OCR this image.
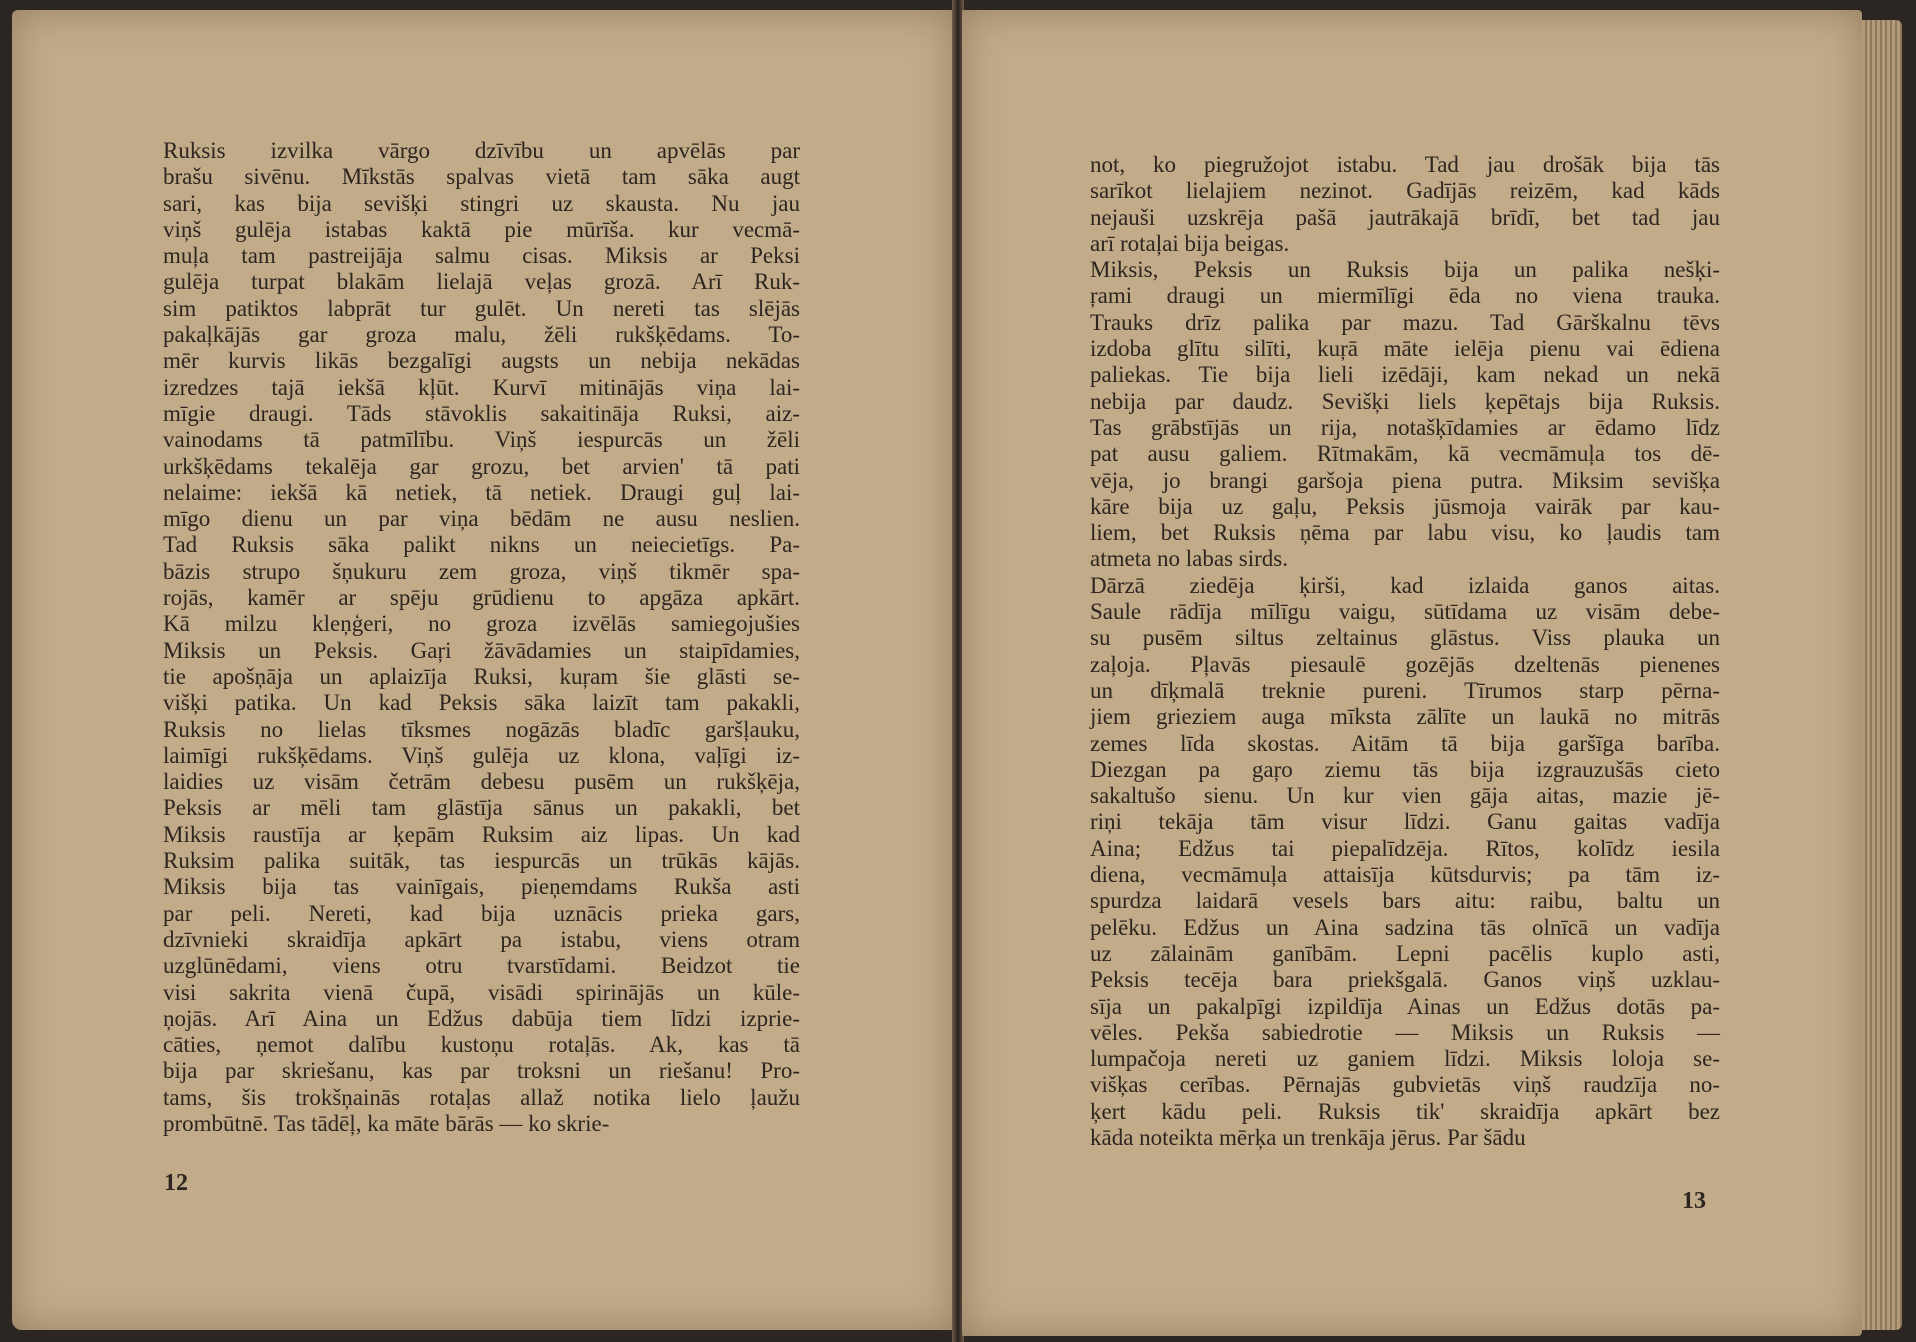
Ruksis izvilka vārgo dzīvību un apvēlās par
brašu sivēnu. Mīkstās spalvas vietā tam sāka augt
sari, kas bija sevišķi stingri uz skausta. Nu jau
viņš gulēja istabas kaktā pie mūrīša. kur vecmā-
muļa tam pastreijāja salmu cisas. Miksis ar Peksi
gulēja turpat blakām lielajā veļas grozā. Arī Ruk-
sim patiktos labprāt tur gulēt. Un nereti tas slējās
pakaļkājās gar groza malu, žēli rukšķēdams. To-
mēr kurvis likās bezgalīgi augsts un nebija nekādas
izredzes tajā iekšā kļūt. Kurvī mitinājās viņa lai-
mīgie draugi. Tāds stāvoklis sakaitināja Ruksi, aiz-
vainodams tā patmīlību. Viņš iespurcās un žēli
urkšķēdams tekalēja gar grozu, bet arvien' tā pati
nelaime: iekšā kā netiek, tā netiek. Draugi guļ lai-
mīgo dienu un par viņa bēdām ne ausu neslien.
Tad Ruksis sāka palikt nikns un neiecietīgs. Pa-
bāzis strupo šņukuru zem groza, viņš tikmēr spa-
rojās, kamēr ar spēju grūdienu to apgāza apkārt.
Kā milzu kleņģeri, no groza izvēlās samiegojušies
Miksis un Peksis. Gaŗi žāvādamies un staipīdamies,
tie apošņāja un aplaizīja Ruksi, kuŗam šie glāsti se-
višķi patika. Un kad Peksis sāka laizīt tam pakakli,
Ruksis no lielas tīksmes nogāzās bladīc garšļauku,
laimīgi rukšķēdams. Viņš gulēja uz klona, vaļīgi iz-
laidies uz visām četrām debesu pusēm un rukšķēja,
Peksis ar mēli tam glāstīja sānus un pakakli, bet
Miksis raustīja ar ķepām Ruksim aiz lipas. Un kad
Ruksim palika suitāk, tas iespurcās un trūkās kājās.
Miksis bija tas vainīgais, pieņemdams Rukša asti
par peli. Nereti, kad bija uznācis prieka gars,
dzīvnieki skraidīja apkārt pa istabu, viens otram
uzglūnēdami, viens otru tvarstīdami. Beidzot tie
visi sakrita vienā čupā, visādi spirinājās un kūle-
ņojās. Arī Aina un Edžus dabūja tiem līdzi izprie-
cāties, ņemot dalību kustoņu rotaļās. Ak, kas tā
bija par skriešanu, kas par troksni un riešanu! Pro-
tams, šis trokšņainās rotaļas allaž notika lielo ļaužu
prombūtnē. Tas tādēļ, ka māte bārās — ko skrie-
12
not, ko piegružojot istabu. Tad jau drošāk bija tās
sarīkot lielajiem nezinot. Gadījās reizēm, kad kāds
nejauši uzskrēja pašā jautrākajā brīdī, bet tad jau
arī rotaļai bija beigas.
Miksis, Peksis un Ruksis bija un palika nešķi-
ŗami draugi un miermīlīgi ēda no viena trauka.
Trauks drīz palika par mazu. Tad Gārškalnu tēvs
izdoba glītu silīti, kuŗā māte ielēja pienu vai ēdiena
paliekas. Tie bija lieli izēdāji, kam nekad un nekā
nebija par daudz. Sevišķi liels ķepētajs bija Ruksis.
Tas grābstījās un rija, notašķīdamies ar ēdamo līdz
pat ausu galiem. Rītmakām, kā vecmāmuļa tos dē-
vēja, jo brangi garšoja piena putra. Miksim sevišķa
kāre bija uz gaļu, Peksis jūsmoja vairāk par kau-
liem, bet Ruksis ņēma par labu visu, ko ļaudis tam
atmeta no labas sirds.
Dārzā ziedēja ķirši, kad izlaida ganos aitas.
Saule rādīja mīlīgu vaigu, sūtīdama uz visām debe-
su pusēm siltus zeltainus glāstus. Viss plauka un
zaļoja. Pļavās piesaulē gozējās dzeltenās pienenes
un dīķmalā treknie pureni. Tīrumos starp pērna-
jiem grieziem auga mīksta zālīte un laukā no mitrās
zemes līda skostas. Aitām tā bija garšīga barība.
Diezgan pa gaŗo ziemu tās bija izgrauzušās cieto
sakaltušo sienu. Un kur vien gāja aitas, mazie jē-
riņi tekāja tām visur līdzi. Ganu gaitas vadīja
Aina; Edžus tai piepalīdzēja. Rītos, kolīdz iesila
diena, vecmāmuļa attaisīja kūtsdurvis; pa tām iz-
spurdza laidarā vesels bars aitu: raibu, baltu un
pelēku. Edžus un Aina sadzina tās olnīcā un vadīja
uz zālainām ganībām. Lepni pacēlis kuplo asti,
Peksis tecēja bara priekšgalā. Ganos viņš uzklau-
sīja un pakalpīgi izpildīja Ainas un Edžus dotās pa-
vēles. Pekša sabiedrotie — Miksis un Ruksis —
lumpačoja nereti uz ganiem līdzi. Miksis loloja se-
višķas cerības. Pērnajās gubvietās viņš raudzīja no-
ķert kādu peli. Ruksis tik' skraidīja apkārt bez
kāda noteikta mērķa un trenkāja jērus. Par šādu
13
